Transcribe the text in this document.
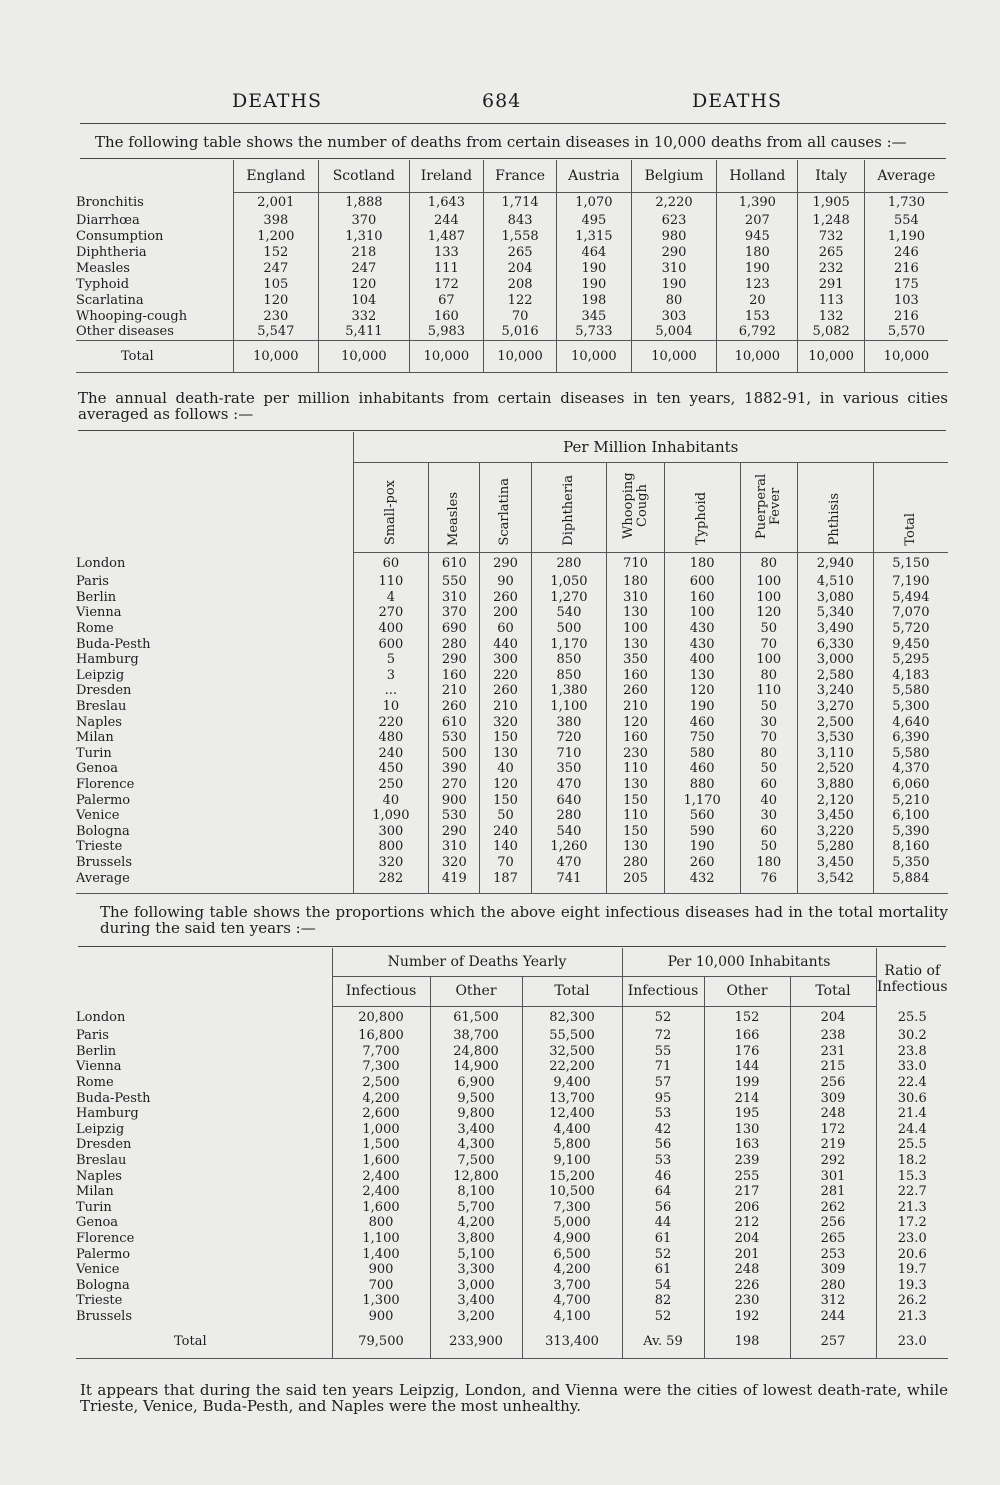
DEATHS	684	DEATHS
The following table shows the number of deaths from certain diseases in 10,000 deaths from all causes :—
	England	Scotland	Ireland	France	Austria	Belgium	Holland	Italy	Average
Bronchitis	2,001	1,888	1,643	1,714	1,070	2,220	1,390	1,905	1,730
Diarrhœa	398	370	244	843	495	623	207	1,248	554
Consumption	1,200	1,310	1,487	1,558	1,315	980	945	732	1,190
Diphtheria	152	218	133	265	464	290	180	265	246
Measles	247	247	111	204	190	310	190	232	216
Typhoid	105	120	172	208	190	190	123	291	175
Scarlatina	120	104	67	122	198	80	20	113	103
Whooping-cough	230	332	160	70	345	303	153	132	216
Other diseases	5,547	5,411	5,983	5,016	5,733	5,004	6,792	5,082	5,570
Total	10,000	10,000	10,000	10,000	10,000	10,000	10,000	10,000	10,000
The annual death-rate per million inhabitants from certain diseases in ten years, 1882-91, in various cities averaged as follows :—
	Per Million Inhabitants								

	Small-pox	Measles	Scarlatina	Diphtheria	Whooping Cough	Typhoid	Puerperal Fever	Phthisis	Total

London	60	610	290	280	710	180	80	2,940	5,150
Paris	110	550	90	1,050	180	600	100	4,510	7,190
Berlin	4	310	260	1,270	310	160	100	3,080	5,494
Vienna	270	370	200	540	130	100	120	5,340	7,070
Rome	400	690	60	500	100	430	50	3,490	5,720
Buda-Pesth	600	280	440	1,170	130	430	70	6,330	9,450
Hamburg	5	290	300	850	350	400	100	3,000	5,295
Leipzig	3	160	220	850	160	130	80	2,580	4,183
Dresden	...	210	260	1,380	260	120	110	3,240	5,580
Breslau	10	260	210	1,100	210	190	50	3,270	5,300
Naples	220	610	320	380	120	460	30	2,500	4,640
Milan	480	530	150	720	160	750	70	3,530	6,390
Turin	240	500	130	710	230	580	80	3,110	5,580
Genoa	450	390	40	350	110	460	50	2,520	4,370
Florence	250	270	120	470	130	880	60	3,880	6,060
Palermo	40	900	150	640	150	1,170	40	2,120	5,210
Venice	1,090	530	50	280	110	560	30	3,450	6,100
Bologna	300	290	240	540	150	590	60	3,220	5,390
Trieste	800	310	140	1,260	130	190	50	5,280	8,160
Brussels	320	320	70	470	280	260	180	3,450	5,350
Average	282	419	187	741	205	432	76	3,542	5,884

The following table shows the proportions which the above eight infectious diseases had in the total mortality during the said ten years :—
	Number of Deaths Yearly			Per 10,000 Inhabitants			Ratio of Infectious
	Infectious	Other	Total	Infectious	Other	Total	
London	20,800	61,500	82,300	52	152	204	25.5
Paris	16,800	38,700	55,500	72	166	238	30.2
Berlin	7,700	24,800	32,500	55	176	231	23.8
Vienna	7,300	14,900	22,200	71	144	215	33.0
Rome	2,500	6,900	9,400	57	199	256	22.4
Buda-Pesth	4,200	9,500	13,700	95	214	309	30.6
Hamburg	2,600	9,800	12,400	53	195	248	21.4
Leipzig	1,000	3,400	4,400	42	130	172	24.4
Dresden	1,500	4,300	5,800	56	163	219	25.5
Breslau	1,600	7,500	9,100	53	239	292	18.2
Naples	2,400	12,800	15,200	46	255	301	15.3
Milan	2,400	8,100	10,500	64	217	281	22.7
Turin	1,600	5,700	7,300	56	206	262	21.3
Genoa	800	4,200	5,000	44	212	256	17.2
Florence	1,100	3,800	4,900	61	204	265	23.0
Palermo	1,400	5,100	6,500	52	201	253	20.6
Venice	900	3,300	4,200	61	248	309	19.7
Bologna	700	3,000	3,700	54	226	280	19.3
Trieste	1,300	3,400	4,700	82	230	312	26.2
Brussels	900	3,200	4,100	52	192	244	21.3
Total	79,500	233,900	313,400	Av. 59	198	257	23.0
It appears that during the said ten years Leipzig, London, and Vienna were the cities of lowest death-rate, while Trieste, Venice, Buda-Pesth, and Naples were the most unhealthy.
